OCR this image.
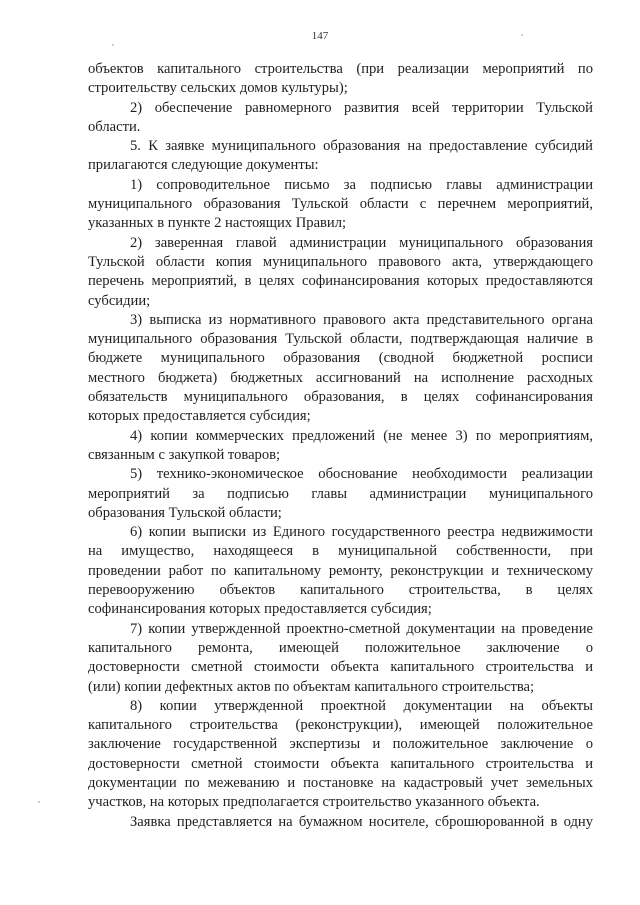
147
объектов капитального строительства (при реализации мероприятий по
строительству сельских домов культуры);
2) обеспечение равномерного развития всей территории Тульской
области.
5. К заявке муниципального образования на предоставление субсидий
прилагаются следующие документы:
1) сопроводительное письмо за подписью главы администрации
муниципального образования Тульской области с перечнем мероприятий,
указанных в пункте 2 настоящих Правил;
2) заверенная главой администрации муниципального образования
Тульской области копия муниципального правового акта, утверждающего
перечень мероприятий, в целях софинансирования которых предоставляются
субсидии;
3) выписка из нормативного правового акта представительного органа
муниципального образования Тульской области, подтверждающая наличие в
бюджете муниципального образования (сводной бюджетной росписи
местного бюджета) бюджетных ассигнований на исполнение расходных
обязательств муниципального образования, в целях софинансирования
которых предоставляется субсидия;
4) копии коммерческих предложений (не менее 3) по мероприятиям,
связанным с закупкой товаров;
5) технико-экономическое обоснование необходимости реализации
мероприятий за подписью главы администрации муниципального
образования Тульской области;
6) копии выписки из Единого государственного реестра недвижимости
на имущество, находящееся в муниципальной собственности, при
проведении работ по капитальному ремонту, реконструкции и техническому
перевооружению объектов капитального строительства, в целях
софинансирования которых предоставляется субсидия;
7) копии утвержденной проектно-сметной документации на проведение
капитального ремонта, имеющей положительное заключение о
достоверности сметной стоимости объекта капитального строительства и
(или) копии дефектных актов по объектам капитального строительства;
8) копии утвержденной проектной документации на объекты
капитального строительства (реконструкции), имеющей положительное
заключение государственной экспертизы и положительное заключение о
достоверности сметной стоимости объекта капитального строительства и
документации по межеванию и постановке на кадастровый учет земельных
участков, на которых предполагается строительство указанного объекта.
Заявка представляется на бумажном носителе, сброшюрованной в одну
